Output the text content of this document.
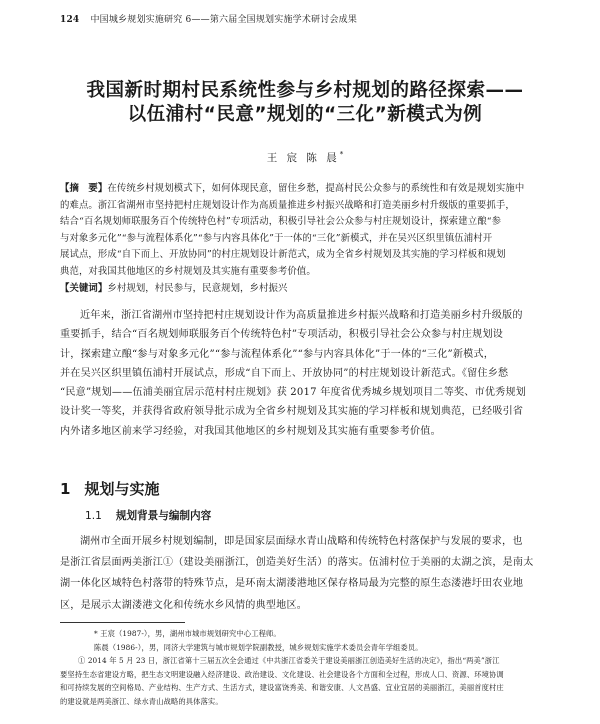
124 中国城乡规划实施研究 6——第六届全国规划实施学术研讨会成果
我国新时期村民系统性参与乡村规划的路径探索——
以伍浦村“民意”规划的“三化”新模式为例
王 宸 陈 晨*
【摘　要】在传统乡村规划模式下，如何体现民意，留住乡愁，提高村民公众参与的系统性和有效是规划实施中
的难点。浙江省湖州市坚持把村庄规划设计作为高质量推进乡村振兴战略和打造美丽乡村升级版的重要抓手，
结合“百名规划师联服务百个传统特色村”专项活动，积极引导社会公众参与村庄规划设计，探索建立酿“参
与对象多元化”“参与流程体系化”“参与内容具体化”于一体的“三化”新模式，并在吴兴区织里镇伍浦村开
展试点，形成“自下而上、开放协同”的村庄规划设计新范式，成为全省乡村规划及其实施的学习样板和规划
典范，对我国其他地区的乡村规划及其实施有重要参考价值。
【关键词】乡村规划，村民参与，民意规划，乡村振兴
近年来，浙江省湖州市坚持把村庄规划设计作为高质量推进乡村振兴战略和打造美丽乡村升级版的
重要抓手，结合“百名规划师联服务百个传统特色村”专项活动，积极引导社会公众参与村庄规划设
计，探索建立酿“参与对象多元化”“参与流程体系化”“参与内容具体化”于一体的“三化”新模式，
并在吴兴区织里镇伍浦村开展试点，形成“自下而上、开放协同”的村庄规划设计新范式。《留住乡愁
“民意”规划——伍浦美丽宜居示范村村庄规划》获 2017 年度省优秀城乡规划项目二等奖、市优秀规划
设计奖一等奖，并获得省政府领导批示成为全省乡村规划及其实施的学习样板和规划典范，已经吸引省
内外诸多地区前来学习经验，对我国其他地区的乡村规划及其实施有重要参考价值。
1 规划与实施
1.1 规划背景与编制内容
湖州市全面开展乡村规划编制，即是国家层面绿水青山战略和传统特色村落保护与发展的要求，也
是浙江省层面两美浙江①（建设美丽浙江，创造美好生活）的落实。伍浦村位于美丽的太湖之滨，是南太
湖一体化区域特色村落带的特殊节点，是环南太湖溇港地区保存格局最为完整的原生态溇港圩田农业地
区，是展示太湖溇港文化和传统水乡风情的典型地区。
* 王宸（1987-），男，湖州市城市规划研究中心工程师。
陈晨（1986-），男，同济大学建筑与城市规划学院副教授，城乡规划实施学术委员会青年学组委员。
① 2014 年 5 月 23 日，浙江省第十三届五次全会通过《中共浙江省委关于建设美丽浙江创造美好生活的决定》，指出“两美”浙江
要坚持生态省建设方略，把生态文明建设融入经济建设、政治建设、文化建设、社会建设各个方面和全过程，形成人口、资源、环境协调
和可持续发展的空间格局、产业结构、生产方式、生活方式，建设富饶秀美、和谐安康、人文昌盛、宜业宜居的美丽浙江，美丽首度村庄
的建设就是两美浙江、绿水青山战略的具体落实。
